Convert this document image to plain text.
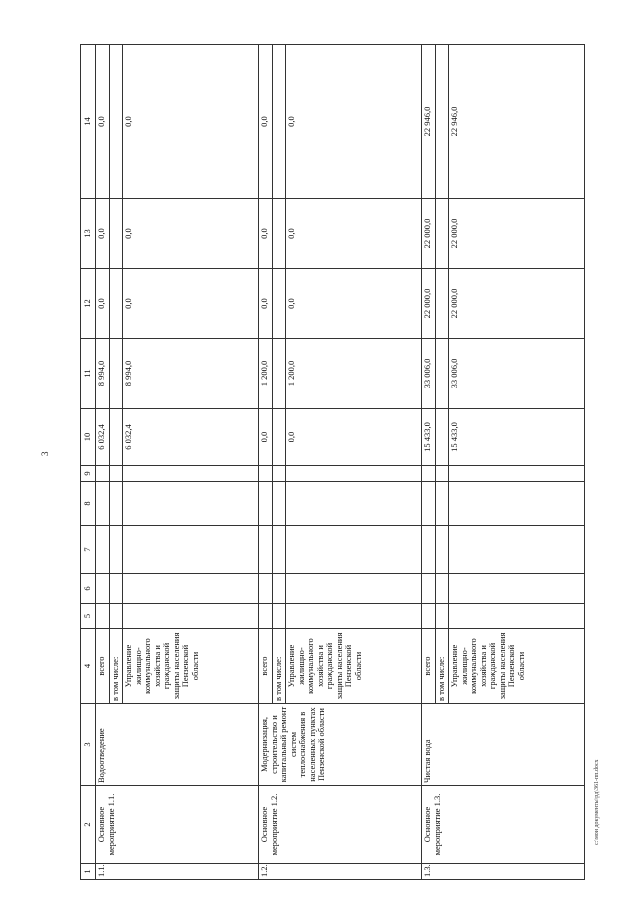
3
1	2	3	4	5	6	7	8	9	10	11	12	13	14
1.1.	Основное мероприятие 1.1.	Водоотведение	всего						6 032,4	8 994,0	0,0	0,0	0,0
			в том числе:										
			Управление жилищно-коммунального хозяйства и гражданской защиты населения Пензенской области						6 032,4	8 994,0	0,0	0,0	0,0
1.2.	Основное мероприятие 1.2.	Модернизация, строительство и капитальный ремонт систем теплоснабжения в населенных пунктах Пензенской области	всего						0,0	1 200,0	0,0	0,0	0,0
			в том числе:										
			Управление жилищно-коммунального хозяйства и гражданской защиты населения Пензенской области						0,0	1 200,0	0,0	0,0	0,0
1.3.	Основное мероприятие 1.3.	Чистая вода	всего						15 433,0	33 006,0	22 000,0	22 000,0	22 946,0
			в том числе:										
			Управление жилищно-коммунального хозяйства и гражданской защиты населения Пензенской области						15 433,0	33 006,0	22 000,0	22 000,0	22 946,0
c:\мои документы\рд\361-пп.docx
